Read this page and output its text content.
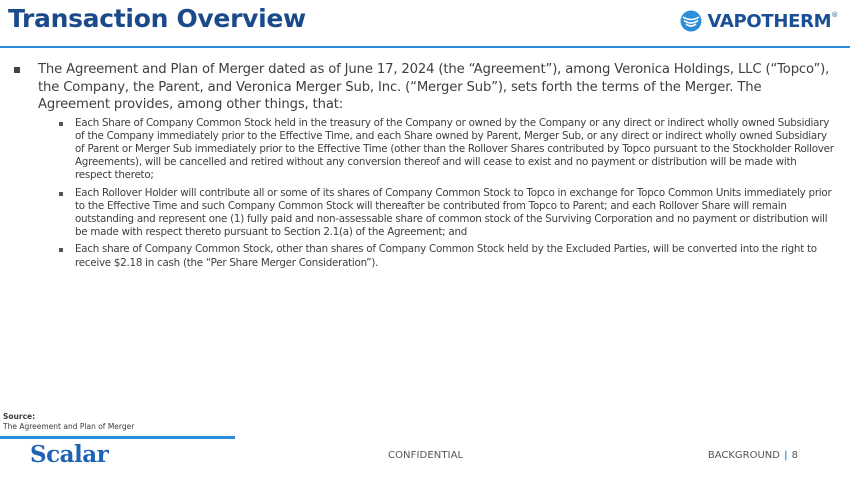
Transaction Overview	VAPOTHERM®
The Agreement and Plan of Merger dated as of June 17, 2024 (the “Agreement”), among Veronica Holdings, LLC (“Topco”), the Company, the Parent, and Veronica Merger Sub, Inc. (“Merger Sub”), sets forth the terms of the Merger. The Agreement provides, among other things, that:
Each Share of Company Common Stock held in the treasury of the Company or owned by the Company or any direct or indirect wholly owned Subsidiary of the Company immediately prior to the Effective Time, and each Share owned by Parent, Merger Sub, or any direct or indirect wholly owned Subsidiary of Parent or Merger Sub immediately prior to the Effective Time (other than the Rollover Shares contributed by Topco pursuant to the Stockholder Rollover Agreements), will be cancelled and retired without any conversion thereof and will cease to exist and no payment or distribution will be made with respect thereto;
Each Rollover Holder will contribute all or some of its shares of Company Common Stock to Topco in exchange for Topco Common Units immediately prior to the Effective Time and such Company Common Stock will thereafter be contributed from Topco to Parent; and each Rollover Share will remain outstanding and represent one (1) fully paid and non-assessable share of common stock of the Surviving Corporation and no payment or distribution will be made with respect thereto pursuant to Section 2.1(a) of the Agreement; and
Each share of Company Common Stock, other than shares of Company Common Stock held by the Excluded Parties, will be converted into the right to receive $2.18 in cash (the “Per Share Merger Consideration”).
Source:
The Agreement and Plan of Merger
Scalar	CONFIDENTIAL	BACKGROUND | 8
